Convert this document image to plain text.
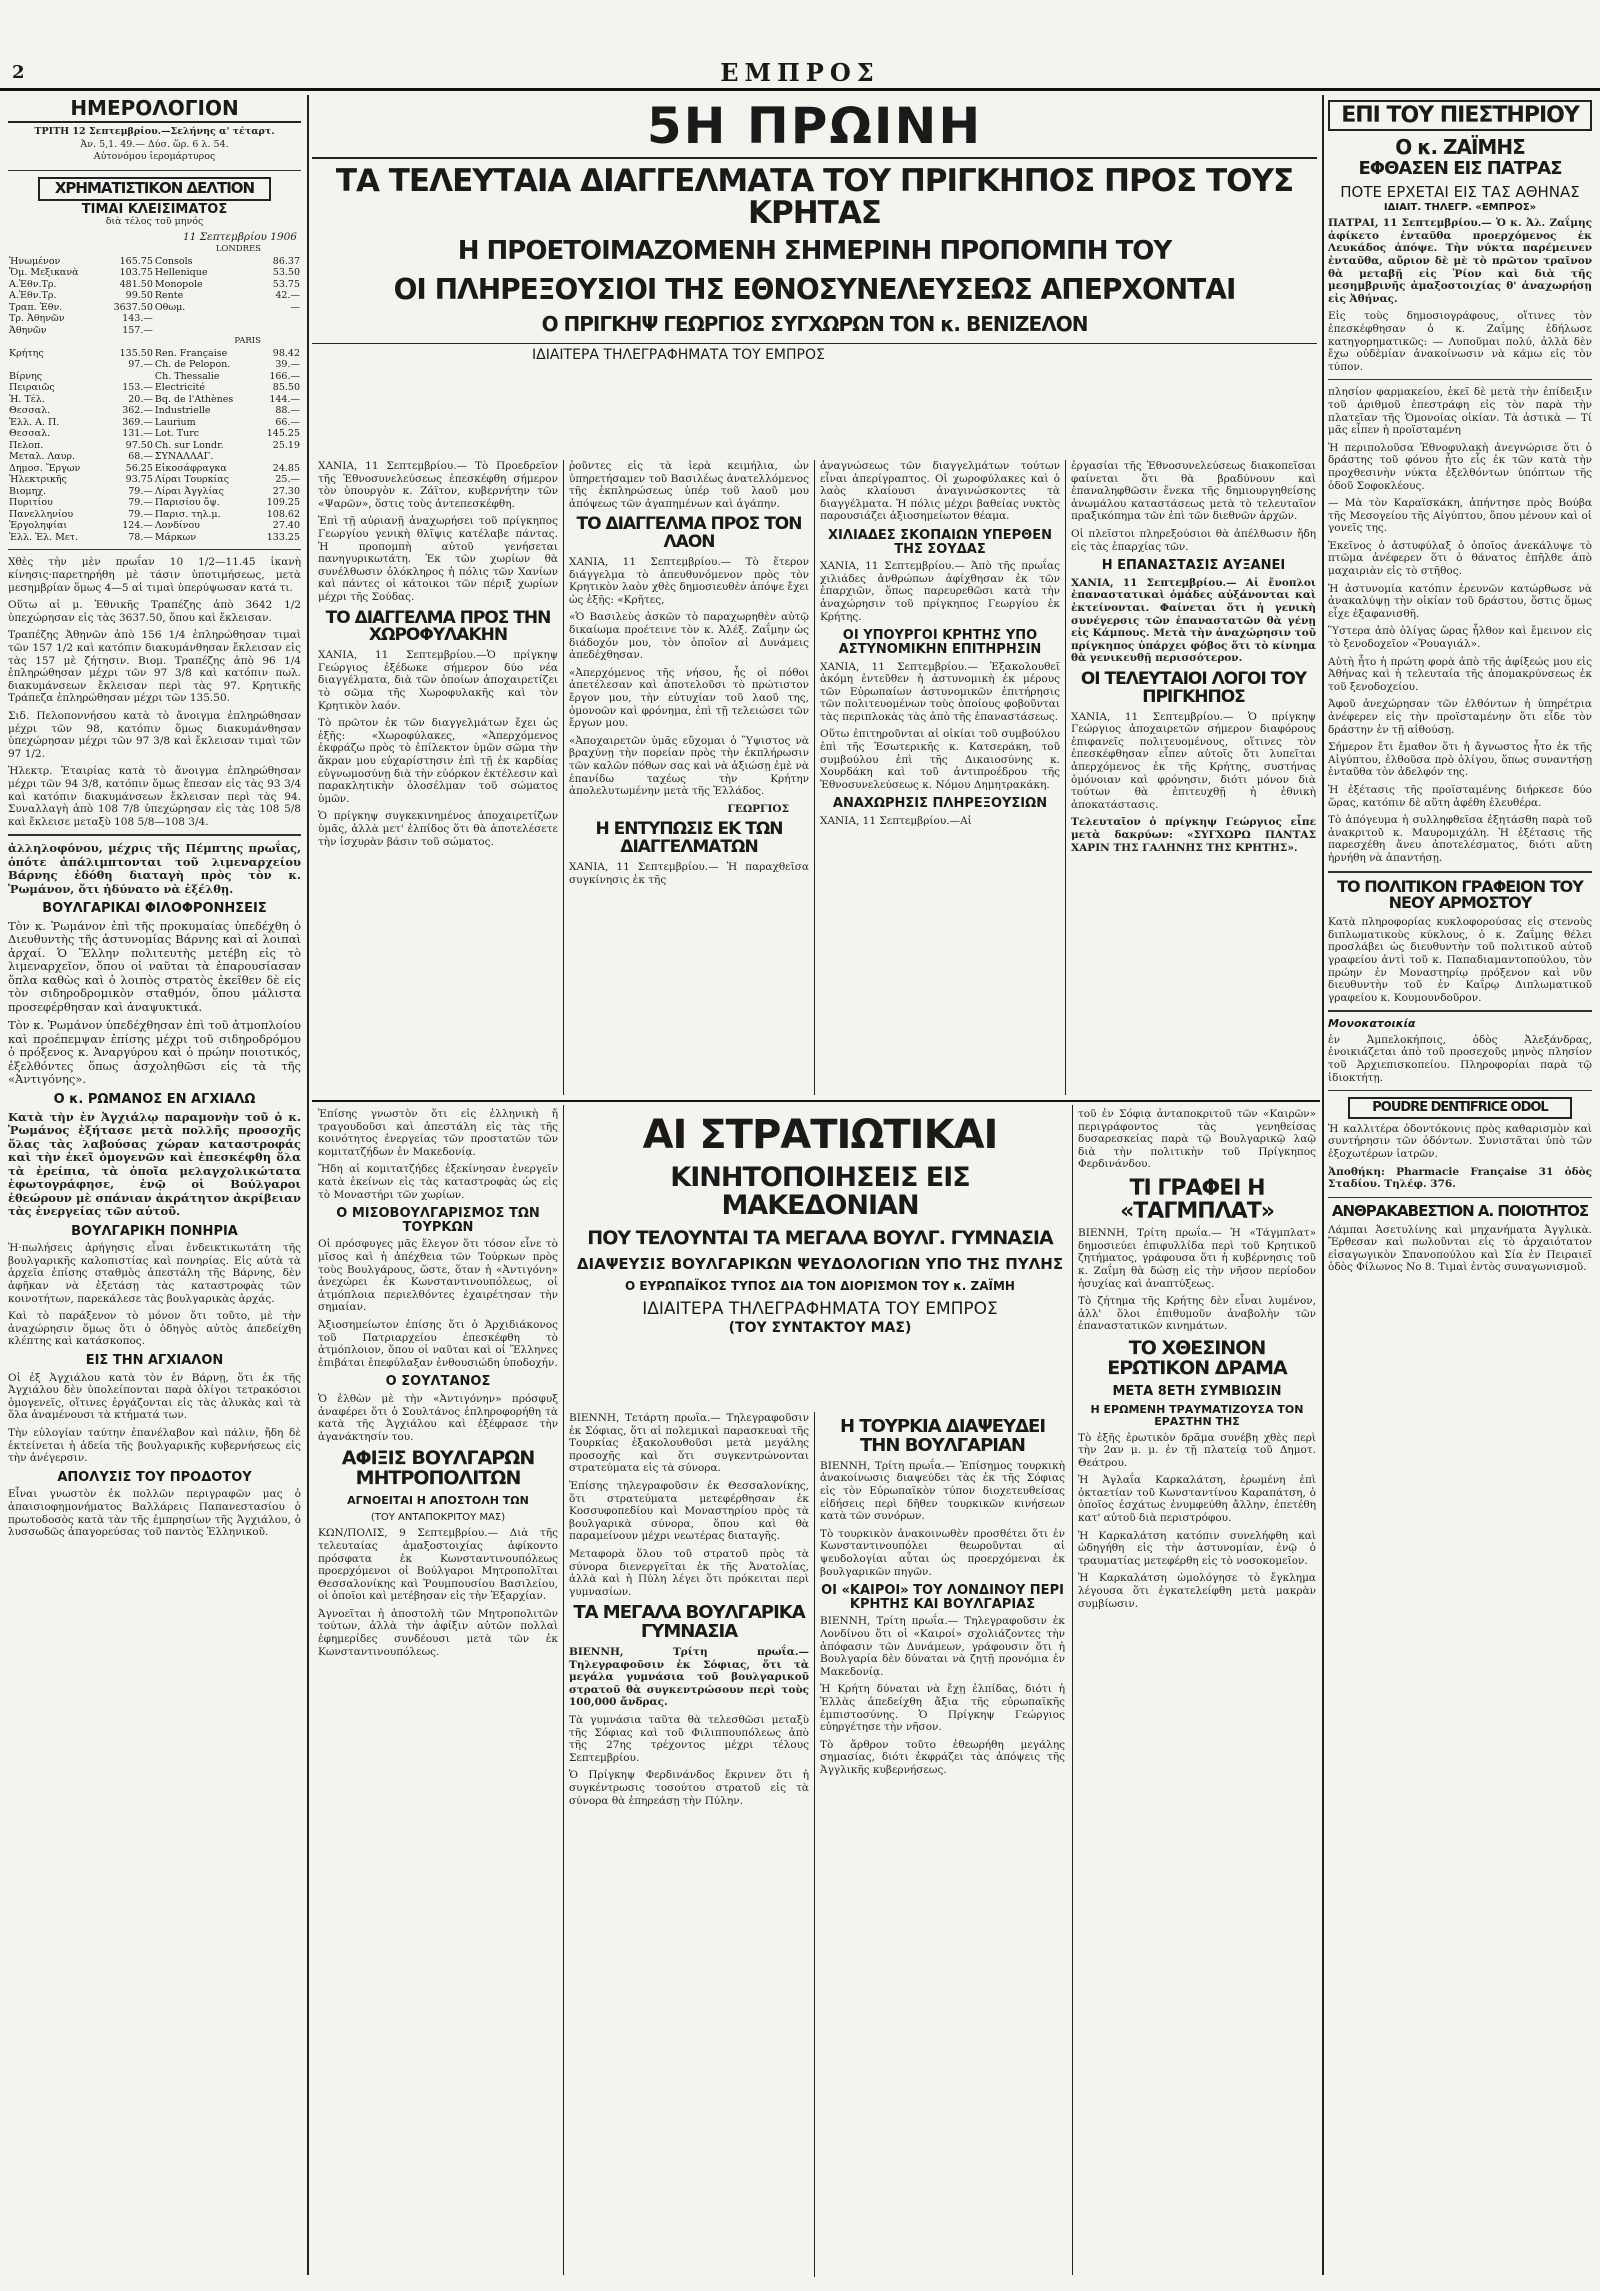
2	ΕΜΠΡΟΣ
ΗΜΕΡΟΛΟΓΙΟΝ

ΤΡΙΤΗ 12 Σεπτεμβρίου.—Σελήνης α' τέταρτ.

Ἀν. 5,1. 49.— Δύσ. ὥρ. 6 λ. 54.

Αὐτονόμου ἱερομάρτυρος

ΧΡΗΜΑΤΙΣΤΙΚΟΝ ΔΕΛΤΙΟΝ
ΤΙΜΑΙ ΚΛΕΙΣΙΜΑΤΟΣ
διὰ τέλος τοῦ μηνός
11 Σεπτεμβρίου 1906
LONDRES
Ἡνωμένον	165.75	Consols	86.37
Ὅμ. Μεξικανὰ	103.75	Hellenique	53.50
Α.Ἐθν.Τρ.	481.50	Monopole	53.75
Α.Ἐθν.Τρ.	99.50	Rente	42.—
Τραπ. Ἐθν.	3637.50	Οθωμ.	—
Τρ. Ἀθηνῶν	143.—		
Ἀθηνῶν	157.—		
PARIS			
Κρήτης	135.50	Ren. Française	98.42
	97.—	Ch. de Pelopon.	39.—
Βίρνης		Ch. Thessalie	166.—
Πειραιῶς	153.—	Electricité	85.50
Ἡ. Τέλ.	20.—	Bq. de l'Athènes	144.—
Θεσσαλ.	362.—	Industrielle	88.—
Ἑλλ. Α. Π.	369.—	Laurium	66.—
Θεσσαλ.	131.—	Lot. Turc	145.25
Πελοπ.	97.50	Ch. sur Londr.	25.19
Μεταλ. Λαυρ.	68.—	ΣΥΝΑΛΛΑΓ.	
Δημοσ. Ἔργων	56.25	Εἰκοσάφραγκα	24.85
Ἠλεκτρικῆς	93.75	Λίραι Τουρκίας	25.—
Βιομηχ.	79.—	Λίραι Ἀγγλίας	27.30
Πυριτίου	79.—	Παρισίου ὄψ.	109.25
Πανελληνίου	79.—	Παρισ. τηλ.μ.	108.62
Ἐργοληψίαι	124.—	Λονδίνου	27.40
Ἑλλ. Ἑλ. Μετ.	78.—	Μάρκων	133.25

Χθὲς τὴν μὲν πρωΐαν 10 1/2—11.45 ἱκανὴ κίνησις·παρετηρήθη μὲ τάσιν ὑποτιμήσεως, μετὰ μεσημβρίαν ὅμως 4—5 αἱ τιμαὶ ὑπερύψωσαν κατά τι.

Οὕτω αἱ μ. Ἐθνικῆς Τραπέζης ἀπὸ 3642 1/2 ὑπεχώρησαν εἰς τὰς 3637.50, ὅπου καὶ ἔκλεισαν.

Τραπέζης Ἀθηνῶν ἀπὸ 156 1/4 ἐπληρώθησαν τιμαὶ τῶν 157 1/2 καὶ κατόπιν διακυμάνθησαν ἔκλεισαν εἰς τὰς 157 μὲ ζήτησιν. Βιομ. Τραπέζης ἀπὸ 96 1/4 ἐπληρώθησαν μέχρι τῶν 97 3/8 καὶ κατόπιν πωλ. διακυμάνσεων ἔκλεισαν περὶ τὰς 97. Κρητικῆς Τράπεζα ἐπληρώθησαν μέχρι τῶν 135.50.

Σιδ. Πελοποννήσου κατὰ τὸ ἄνοιγμα ἐπληρώθησαν μέχρι τῶν 98, κατόπιν ὅμως διακυμάνθησαν ὑπεχώρησαν μέχρι τῶν 97 3/8 καὶ ἔκλεισαν τιμαὶ τῶν 97 1/2.

Ἠλεκτρ. Ἑταιρίας κατὰ τὸ ἄνοιγμα ἐπληρώθησαν μέχρι τῶν 94 3/8, κατόπιν ὅμως ἔπεσαν εἰς τὰς 93 3/4 καὶ κατόπιν διακυμάνσεων ἔκλεισαν περὶ τὰς 94. Συναλλαγὴ ἀπὸ 108 7/8 ὑπεχώρησαν εἰς τὰς 108 5/8 καὶ ἔκλεισε μεταξὺ 108 5/8—108 3/4.

ἀλληλοφόνου, μέχρις τῆς Πέμπτης πρωΐας, ὁπότε ἀπάλιμπτονται τοῦ λιμεναρχείου Βάρνης ἐδόθη διαταγὴ πρὸς τὸν κ. Ῥωμάνον, ὅτι ἠδύνατο νὰ ἐξέλθῃ.

ΒΟΥΛΓΑΡΙΚΑΙ ΦΙΛΟΦΡΟΝΗΣΕΙΣ

Τὸν κ. Ῥωμάνον ἐπὶ τῆς προκυμαίας ὑπεδέχθη ὁ Διευθυντὴς τῆς ἀστυνομίας Βάρνης καὶ αἱ λοιπαὶ ἀρχαί. Ὁ Ἕλλην πολιτευτὴς μετέβη εἰς τὸ λιμεναρχεῖον, ὅπου οἱ ναῦται τὰ ἐπαρουσίασαν ὅπλα καθὼς καὶ ὁ λοιπὸς στρατὸς ἐκεῖθεν δὲ εἰς τὸν σιδηροδρομικὸν σταθμόν, ὅπου μάλιστα προσεφέρθησαν καὶ ἀναψυκτικά.

Τὸν κ. Ῥωμάνον ὑπεδέχθησαν ἐπὶ τοῦ ἀτμοπλοίου καὶ προέπεμψαν ἐπίσης μέχρι τοῦ σιδηροδρόμου ὁ πρόξενος κ. Ἀναργύρου καὶ ὁ πρώην ποιοτικός, ἐξελθόντες ὅπως ἀσχοληθῶσι εἰς τὰ τῆς «Ἀντιγόνης».

Ο κ. ΡΩΜΑΝΟΣ ΕΝ ΑΓΧΙΑΛΩ

Κατὰ τὴν ἐν Ἀγχιάλῳ παραμονὴν τοῦ ὁ κ. Ῥωμάνος ἐξήτασε μετὰ πολλῆς προσοχῆς ὅλας τὰς λαβούσας χώραν καταστροφάς καὶ τὴν ἐκεῖ ὁμογενῶν καὶ ἐπεσκέφθη ὅλα τὰ ἐρείπια, τὰ ὁποῖα μελαγχολικώτατα ἐφωτογράφησε, ἐνῷ οἱ Βούλγαροι ἐθεώρουν μὲ σπάνιαν ἀκράτητον ἀκρίβειαν τὰς ἐνεργείας τῶν αὐτοῦ.

ΒΟΥΛΓΑΡΙΚΗ ΠΟΝΗΡΙΑ

Ἡ·πωλήσεις ἀρήγησις εἶναι ἐνδεικτικωτάτη τῆς βουλγαρικῆς καλοπιστίας καὶ πονηρίας. Εἰς αὐτὰ τὰ ἀρχεῖα ἐπίσης σταθμὸς ἀπεστάλη τῆς Βάρνης, δὲν ἀφῆκαν νὰ ἐξετάσῃ τὰς καταστροφὰς τῶν κοινοτήτων, παρεκάλεσε τὰς βουλγαρικὰς ἀρχάς.

Καὶ τὸ παράξενον τὸ μόνον ὅτι τοῦτο, μὲ τὴν ἀναχώρησιν ὅμως ὅτι ὁ ὁδηγὸς αὐτὸς ἀπεδείχθη κλέπτης καὶ κατάσκοπος.

ΕΙΣ ΤΗΝ ΑΓΧΙΑΛΟΝ

Οἱ ἐξ Ἀγχιάλου κατὰ τὸν ἐν Βάρνῃ, ὅτι ἐκ τῆς Ἀγχιάλου δὲν ὑπολείπονται παρὰ ὀλίγοι τετρακόσιοι ὁμογενεῖς, οἵτινες ἐργάζονται εἰς τὰς ἁλυκὰς καὶ τὰ ὅλα ἀναμένουσι τὰ κτήματά των.

Τὴν εὐλογίαν ταύτην ἐπανέλαβον καὶ πάλιν, ἤδη δὲ ἐκτείνεται ἡ ἀδεία τῆς βουλγαρικῆς κυβερνήσεως εἰς τὴν ἀνέγερσιν.

ΑΠΟΛΥΣΙΣ ΤΟΥ ΠΡΟΔΟΤΟΥ

Εἶναι γνωστὸν ἐκ πολλῶν περιγραφῶν μας ὁ ἀπαισιοφημονήματος Βαλλάρεις Παπανεστασίου ὁ πρωτοδοσὸς κατὰ τὰν τῆς ἐμπρησίων τῆς Ἀγχιάλου, ὁ λυσσωδῶς ἀπαγορεύσας τοῦ παντὸς Ἑλληνικοῦ.

5Η ΠΡΩΙΝΗ
ΤΑ ΤΕΛΕΥΤΑΙΑ ΔΙΑΓΓΕΛΜΑΤΑ ΤΟΥ ΠΡΙΓΚΗΠΟΣ ΠΡΟΣ ΤΟΥΣ ΚΡΗΤΑΣ
Η ΠΡΟΕΤΟΙΜΑΖΟΜΕΝΗ ΣΗΜΕΡΙΝΗ ΠΡΟΠΟΜΠΗ ΤΟΥ
ΟΙ ΠΛΗΡΕΞΟΥΣΙΟΙ ΤΗΣ ΕΘΝΟΣΥΝΕΛΕΥΣΕΩΣ ΑΠΕΡΧΟΝΤΑΙ
Ο ΠΡΙΓΚΗΨ ΓΕΩΡΓΙΟΣ ΣΥΓΧΩΡΩΝ ΤΟΝ κ. ΒΕΝΙΖΕΛΟΝ
ΙΔΙΑΙΤΕΡΑ ΤΗΛΕΓΡΑΦΗΜΑΤΑ ΤΟΥ ΕΜΠΡΟΣ

ΧΑΝΙΑ, 11 Σεπτεμβρίου.— Τὸ Προεδρεῖον τῆς Ἐθνοσυνελεύσεως ἐπεσκέφθη σήμερον τὸν ὑπουργὸν κ. Ζάϊτον, κυβερνήτην τῶν «Ψαρῶν», ὅστις τοὺς ἀντεπεσκέφθη.

Ἐπὶ τῇ αὐριανῇ ἀναχωρήσει τοῦ πρίγκηπος Γεωργίου γενικὴ θλῖψις κατέλαβε πάντας. Ἡ προπομπὴ αὐτοῦ γενήσεται πανηγυρικωτάτη. Ἐκ τῶν χωρίων θὰ συνέλθωσιν ὀλόκληρος ἡ πόλις τῶν Χανίων καὶ πάντες οἱ κάτοικοι τῶν πέριξ χωρίων μέχρι τῆς Σούδας.

ΤΟ ΔΙΑΓΓΕΛΜΑ ΠΡΟΣ ΤΗΝ ΧΩΡΟΦΥΛΑΚΗΝ

ΧΑΝΙΑ, 11 Σεπτεμβρίου.—Ὁ πρίγκηψ Γεώργιος ἐξέδωκε σήμερον δύο νέα διαγγέλματα, διὰ τῶν ὁποίων ἀποχαιρετίζει τὸ σῶμα τῆς Χωροφυλακῆς καὶ τὸν Κρητικὸν λαόν.

Τὸ πρῶτον ἐκ τῶν διαγγελμάτων ἔχει ὡς ἑξῆς: «Χωροφύλακες, «Ἀπερχόμενος ἐκφράζω πρὸς τὸ ἐπίλεκτον ὑμῶν σῶμα τὴν ἄκραν μου εὐχαρίστησιν ἐπὶ τῇ ἐκ καρδίας εὐγνωμοσύνῃ διὰ τὴν εὐόρκον ἐκτέλεσιν καὶ παρακλητικὴν ὁλοσέλμαν τοῦ σώματος ὑμῶν.

Ὁ πρίγκηψ συγκεκινημένος ἀποχαιρετίζων ὑμᾶς, ἀλλὰ μετ' ἐλπίδος ὅτι θὰ ἀποτελέσετε τὴν ἰσχυρὰν βάσιν τοῦ σώματος.

ῥοῦντες εἰς τὰ ἱερὰ κειμήλια, ὧν ὑπηρετήσαμεν τοῦ Βασιλέως ἀνατελλόμενος τῆς ἐκπληρώσεως ὑπέρ τοῦ λαοῦ μου ἀπόψεως τῶν ἀγαπημένων καὶ ἀγάπην.

ΤΟ ΔΙΑΓΓΕΛΜΑ ΠΡΟΣ ΤΟΝ ΛΑΟΝ

ΧΑΝΙΑ, 11 Σεπτεμβρίου.— Τὸ ἕτερον διάγγελμα τὸ ἀπευθυνόμενον πρὸς τὸν Κρητικὸν λαὸν χθὲς δημοσιευθὲν ἀπόψε ἔχει ὡς ἑξῆς: «Κρῆτες,

«Ὁ Βασιλεὺς ἀσκῶν τὸ παραχωρηθὲν αὐτῷ δικαίωμα προέτεινε τὸν κ. Ἀλέξ. Ζαΐμην ὡς διάδοχόν μου, τὸν ὁποῖον αἱ Δυνάμεις ἀπεδέχθησαν.

«Ἀπερχόμενος τῆς νήσου, ἧς οἱ πόθοι ἀπετέλεσαν καὶ ἀποτελοῦσι τὸ πρώτιστον ἔργον μου, τὴν εὐτυχίαν τοῦ λαοῦ της, ὁμονοῶν καὶ φρόνημα, ἐπὶ τῇ τελειώσει τῶν ἔργων μου.

«Ἀποχαιρετῶν ὑμᾶς εὔχομαι ὁ Ὕψιστος νὰ βραχύνῃ τὴν πορείαν πρὸς τὴν ἐκπλήρωσιν τῶν καλῶν πόθων σας καὶ νὰ ἀξιώσῃ ἐμὲ νὰ ἐπανίδω ταχέως τὴν Κρήτην ἀπολελυτωμένην μετὰ τῆς Ἑλλάδος.

ΓΕΩΡΓΙΟΣ
Η ΕΝΤΥΠΩΣΙΣ ΕΚ ΤΩΝ ΔΙΑΓΓΕΛΜΑΤΩΝ

ΧΑΝΙΑ, 11 Σεπτεμβρίου.— Ἡ παραχθεῖσα συγκίνησις ἐκ τῆς

ἀναγνώσεως τῶν διαγγελμάτων τούτων εἶναι ἀπερίγραπτος. Οἱ χωροφύλακες καὶ ὁ λαὸς κλαίουσι ἀναγινώσκοντες τὰ διαγγέλματα. Ἡ πόλις μέχρι βαθείας νυκτὸς παρουσιάζει ἀξιοσημείωτον θέαμα.

ΧΙΛΙΑΔΕΣ ΣΚΟΠΑΙΩΝ ΥΠΕΡΘΕΝ ΤΗΣ ΣΟΥΔΑΣ

ΧΑΝΙΑ, 11 Σεπτεμβρίου.— Ἀπὸ τῆς πρωΐας χιλιάδες ἀνθρώπων ἀφίχθησαν ἐκ τῶν ἐπαρχιῶν, ὅπως παρευρεθῶσι κατὰ τὴν ἀναχώρησιν τοῦ πρίγκηπος Γεωργίου ἐκ Κρήτης.

ΟΙ ΥΠΟΥΡΓΟΙ ΚΡΗΤΗΣ ΥΠΟ ΑΣΤΥΝΟΜΙΚΗΝ ΕΠΙΤΗΡΗΣΙΝ

ΧΑΝΙΑ, 11 Σεπτεμβρίου.— Ἐξακολουθεῖ ἀκόμη ἐντεῦθεν ἡ ἀστυνομικὴ ἐκ μέρους τῶν Εὐρωπαίων ἀστυνομικῶν ἐπιτήρησις τῶν πολιτευομένων τοὺς ὁποίους φοβοῦνται τὰς περιπλοκὰς τὰς ἀπὸ τῆς ἐπαναστάσεως.

Οὕτω ἐπιτηροῦνται αἱ οἰκίαι τοῦ συμβούλου ἐπὶ τῆς Ἐσωτερικῆς κ. Κατσεράκη, τοῦ συμβούλου ἐπὶ τῆς Δικαιοσύνης κ. Χουρδάκη καὶ τοῦ ἀντιπροέδρου τῆς Ἐθνοσυνελεύσεως κ. Νόμου Δημητρακάκη.

ΑΝΑΧΩΡΗΣΙΣ ΠΛΗΡΕΞΟΥΣΙΩΝ

ΧΑΝΙΑ, 11 Σεπτεμβρίου.—Αἱ

ἐργασίαι τῆς Ἐθνοσυνελεύσεως διακοπεῖσαι φαίνεται ὅτι θὰ βραδύνουν καὶ ἐπαναληφθῶσιν ἕνεκα τῆς δημιουργηθείσης ἀνωμάλου καταστάσεως μετὰ τὸ τελευταῖον πραξικόπημα τῶν ἐπὶ τῶν διεθνῶν ἀρχῶν.

Οἱ πλεῖστοι πληρεξούσιοι θὰ ἀπέλθωσιν ἤδη εἰς τὰς ἐπαρχίας τῶν.

Η ΕΠΑΝΑΣΤΑΣΙΣ ΑΥΞΑΝΕΙ

ΧΑΝΙΑ, 11 Σεπτεμβρίου.— Αἱ ἔνοπλοι ἐπαναστατικαὶ ὁμάδες αὐξάνονται καὶ ἐκτείνονται. Φαίνεται ὅτι ἡ γενικὴ συνέγερσις τῶν ἐπαναστατῶν θὰ γένῃ εἰς Κάμπους. Μετὰ τὴν ἀναχώρησιν τοῦ πρίγκηπος ὑπάρχει φόβος ὅτι τὸ κίνημα θὰ γενικευθῇ περισσότερον.

ΟΙ ΤΕΛΕΥΤΑΙΟΙ ΛΟΓΟΙ ΤΟΥ ΠΡΙΓΚΗΠΟΣ

ΧΑΝΙΑ, 11 Σεπτεμβρίου.— Ὁ πρίγκηψ Γεώργιος ἀποχαιρετῶν σήμερον διαφόρους ἐπιφανεῖς πολιτευομένους, οἵτινες τὸν ἐπεσκέφθησαν εἶπεν αὐτοῖς ὅτι λυπεῖται ἀπερχόμενος ἐκ τῆς Κρήτης, συστήνας ὁμόνοιαν καὶ φρόνησιν, διότι μόνον διὰ τούτων θὰ ἐπιτευχθῇ ἡ ἐθνικὴ ἀποκατάστασις.

Τελευταῖον ὁ πρίγκηψ Γεώργιος εἶπε μετὰ δακρύων: «ΣΥΓΧΩΡΩ ΠΑΝΤΑΣ ΧΑΡΙΝ ΤΗΣ ΓΑΛΗΝΗΣ ΤΗΣ ΚΡΗΤΗΣ».

Ἐπίσης γνωστὸν ὅτι εἰς ἑλληνικὴ ἤ τραγουδοῦσι καὶ ἀπεστάλη εἰς τὰς τῆς κοινότητος ἐνεργείας τῶν προστατῶν τῶν κομιτατζήδων ἐν Μακεδονίᾳ.

Ἤδη αἱ κομιτατζήδες ἐξεκίνησαν ἐνεργεῖν κατὰ ἐκείνων εἰς τὰς καταστροφὰς ὡς εἰς τὸ Μοναστήρι τῶν χωρίων.

Ο ΜΙΣΟΒΟΥΛΓΑΡΙΣΜΟΣ ΤΩΝ ΤΟΥΡΚΩΝ

Οἱ πρόσφυγες μᾶς ἔλεγον ὅτι τόσον εἶνε τὸ μῖσος καὶ ἡ ἀπέχθεια τῶν Τούρκων πρὸς τοὺς Βουλγάρους, ὥστε, ὅταν ἡ «Ἀντιγόνη» ἀνεχώρει ἐκ Κωνσταντινουπόλεως, οἱ ἀτμόπλοια περιελθόντες ἐχαιρέτησαν τὴν σημαίαν.

Ἀξιοσημείωτον ἐπίσης ὅτι ὁ Ἀρχιδιάκονος τοῦ Πατριαρχείου ἐπεσκέφθη τὸ ἀτμόπλοιον, ὅπου οἱ ναῦται καὶ οἱ Ἕλληνες ἐπιβάται ἐπεφύλαξαν ἐνθουσιώδη ὑποδοχήν.

Ο ΣΟΥΛΤΑΝΟΣ

Ὁ ἐλθὼν μὲ τὴν «Ἀντιγόνην» πρόσφυξ ἀναφέρει ὅτι ὁ Σουλτάνος ἐπληροφορήθη τὰ κατὰ τῆς Ἀγχιάλου καὶ ἐξέφρασε τὴν ἀγανάκτησίν του.

ΑΦΙΞΙΣ ΒΟΥΛΓΑΡΩΝ ΜΗΤΡΟΠΟΛΙΤΩΝ
ΑΓΝΟΕΙΤΑΙ Η ΑΠΟΣΤΟΛΗ ΤΩΝ
(ΤΟΥ ΑΝΤΑΠΟΚΡΙΤΟΥ ΜΑΣ)

ΚΩΝ/ΠΟΛΙΣ, 9 Σεπτεμβρίου.— Διὰ τῆς τελευταίας ἀμαξοστοιχίας ἀφίκοντο πρόσφατα ἐκ Κωνσταντινουπόλεως προερχόμενοι οἱ Βούλγαροι Μητροπολῖται Θεσσαλονίκης καὶ Ῥουμπουσίου Βασιλείου, οἱ ὁποῖοι καὶ μετέβησαν εἰς τὴν Ἐξαρχίαν.

Ἀγνοεῖται ἡ ἀποστολὴ τῶν Μητροπολιτῶν τούτων, ἀλλὰ τὴν ἀφίξιν αὐτῶν πολλαὶ ἐφημερίδες συνδέουσι μετὰ τῶν ἐκ Κωνσταντινουπόλεως.

ΑΙ ΣΤΡΑΤΙΩΤΙΚΑΙ
ΚΙΝΗΤΟΠΟΙΗΣΕΙΣ ΕΙΣ ΜΑΚΕΔΟΝΙΑΝ
ΠΟΥ ΤΕΛΟΥΝΤΑΙ ΤΑ ΜΕΓΑΛΑ ΒΟΥΛΓ. ΓΥΜΝΑΣΙΑ
ΔΙΑΨΕΥΣΙΣ ΒΟΥΛΓΑΡΙΚΩΝ ΨΕΥΔΟΛΟΓΙΩΝ ΥΠΟ ΤΗΣ ΠΥΛΗΣ
Ο ΕΥΡΩΠΑΪΚΟΣ ΤΥΠΟΣ ΔΙΑ ΤΟΝ ΔΙΟΡΙΣΜΟΝ ΤΟΥ κ. ΖΑΪΜΗ
ΙΔΙΑΙΤΕΡΑ ΤΗΛΕΓΡΑΦΗΜΑΤΑ ΤΟΥ ΕΜΠΡΟΣ
(ΤΟΥ ΣΥΝΤΑΚΤΟΥ ΜΑΣ)

ΒΙΕΝΝΗ, Τετάρτη πρωΐα.— Τηλεγραφοῦσιν ἐκ Σόφιας, ὅτι αἱ πολεμικαὶ παρασκευαὶ τῆς Τουρκίας ἐξακολουθοῦσι μετὰ μεγάλης προσοχῆς καὶ ὅτι συγκεντρώνονται στρατεύματα εἰς τὰ σύνορα.

Ἐπίσης τηλεγραφοῦσιν ἐκ Θεσσαλονίκης, ὅτι στρατεύματα μετεφέρθησαν ἐκ Κοσσυφοπεδίου καὶ Μοναστηρίου πρὸς τὰ βουλγαρικὰ σύνορα, ὅπου καὶ θὰ παραμείνουν μέχρι νεωτέρας διαταγῆς.

Μεταφορὰ ὅλου τοῦ στρατοῦ πρὸς τὰ σύνορα διενεργεῖται ἐκ τῆς Ἀνατολίας, ἀλλὰ καὶ ἡ Πύλη λέγει ὅτι πρόκειται περὶ γυμνασίων.

ΤΑ ΜΕΓΑΛΑ ΒΟΥΛΓΑΡΙΚΑ ΓΥΜΝΑΣΙΑ

ΒΙΕΝΝΗ, Τρίτη πρωΐα.— Τηλεγραφοῦσιν ἐκ Σόφιας, ὅτι τὰ μεγάλα γυμνάσια τοῦ βουλγαρικοῦ στρατοῦ θὰ συγκεντρώσουν περὶ τοὺς 100,000 ἄνδρας.

Τὰ γυμνάσια ταῦτα θὰ τελεσθῶσι μεταξὺ τῆς Σόφιας καὶ τοῦ Φιλιππουπόλεως ἀπὸ τῆς 27ης τρέχοντος μέχρι τέλους Σεπτεμβρίου.

Ὁ Πρίγκηψ Φερδινάνδος ἔκρινεν ὅτι ἡ συγκέντρωσις τοσούτου στρατοῦ εἰς τὰ σύνορα θὰ ἐπηρεάσῃ τὴν Πύλην.

Η ΤΟΥΡΚΙΑ ΔΙΑΨΕΥΔΕΙ ΤΗΝ ΒΟΥΛΓΑΡΙΑΝ

ΒΙΕΝΝΗ, Τρίτη πρωΐα.— Ἐπίσημος τουρκικὴ ἀνακοίνωσις διαψεύδει τὰς ἐκ τῆς Σόφιας εἰς τὸν Εὐρωπαϊκὸν τύπον διοχετευθείσας εἰδήσεις περὶ δῆθεν τουρκικῶν κινήσεων κατὰ τῶν συνόρων.

Τὸ τουρκικὸν ἀνακοινωθὲν προσθέτει ὅτι ἐν Κωνσταντινουπόλει θεωροῦνται αἱ ψευδολογίαι αὗται ὡς προερχόμεναι ἐκ βουλγαρικῶν πηγῶν.

ΟΙ «ΚΑΙΡΟΙ» ΤΟΥ ΛΟΝΔΙΝΟΥ ΠΕΡΙ ΚΡΗΤΗΣ ΚΑΙ ΒΟΥΛΓΑΡΙΑΣ

ΒΙΕΝΝΗ, Τρίτη πρωΐα.— Τηλεγραφοῦσιν ἐκ Λονδίνου ὅτι οἱ «Καιροί» σχολιάζοντες τὴν ἀπόφασιν τῶν Δυνάμεων, γράφουσιν ὅτι ἡ Βουλγαρία δὲν δύναται νὰ ζητῇ προνόμια ἐν Μακεδονίᾳ.

Ἡ Κρήτη δύναται νὰ ἔχῃ ἐλπίδας, διότι ἡ Ἑλλὰς ἀπεδείχθη ἄξια τῆς εὐρωπαϊκῆς ἐμπιστοσύνης. Ὁ Πρίγκηψ Γεώργιος εὐηργέτησε τὴν νῆσον.

Τὸ ἄρθρον τοῦτο ἐθεωρήθη μεγάλης σημασίας, διότι ἐκφράζει τὰς ἀπόψεις τῆς Ἀγγλικῆς κυβερνήσεως.

τοῦ ἐν Σόφιᾳ ἀνταποκριτοῦ τῶν «Καιρῶν» περιγράφοντος τὰς γενηθείσας δυσαρεσκείας παρὰ τῷ Βουλγαρικῷ λαῷ διὰ τὴν πολιτικὴν τοῦ Πρίγκηπος Φερδινάνδου.

ΤΙ ΓΡΑΦΕΙ Η «ΤΑΓΜΠΛΑΤ»

ΒΙΕΝΝΗ, Τρίτη πρωΐα.— Ἡ «Τάγμπλατ» δημοσιεύει ἐπιφυλλίδα περὶ τοῦ Κρητικοῦ ζητήματος, γράφουσα ὅτι ἡ κυβέρνησις τοῦ κ. Ζαΐμη θὰ δώσῃ εἰς τὴν νῆσον περίοδον ἡσυχίας καὶ ἀναπτύξεως.

Τὸ ζήτημα τῆς Κρήτης δὲν εἶναι λυμένον, ἀλλ' ὅλοι ἐπιθυμοῦν ἀναβολὴν τῶν ἐπαναστατικῶν κινημάτων.

ΤΟ ΧΘΕΣΙΝΟΝ ΕΡΩΤΙΚΟΝ ΔΡΑΜΑ
ΜΕΤΑ 8ΕΤΗ ΣΥΜΒΙΩΣΙΝ
Η ΕΡΩΜΕΝΗ ΤΡΑΥΜΑΤΙΖΟΥΣΑ ΤΟΝ ΕΡΑΣΤΗΝ ΤΗΣ

Τὸ ἐξῆς ἐρωτικὸν δρᾶμα συνέβη χθὲς περὶ τὴν 2αν μ. μ. ἐν τῇ πλατείᾳ τοῦ Δημοτ. Θεάτρου.

Ἡ Ἀγλαΐα Καρκαλάτση, ἐρωμένη ἐπὶ ὀκταετίαν τοῦ Κωνσταντίνου Καραπάτση, ὁ ὁποῖος ἐσχάτως ἐνυμφεύθη ἄλλην, ἐπετέθη κατ' αὐτοῦ διὰ περιστρόφου.

Ἡ Καρκαλάτση κατόπιν συνελήφθη καὶ ὡδηγήθη εἰς τὴν ἀστυνομίαν, ἐνῷ ὁ τραυματίας μετεφέρθη εἰς τὸ νοσοκομεῖον.

Ἡ Καρκαλάτση ὡμολόγησε τὸ ἔγκλημα λέγουσα ὅτι ἐγκατελείφθη μετὰ μακρὰν συμβίωσιν.

ΕΠΙ ΤΟΥ ΠΙΕΣΤΗΡΙΟΥ
Ο κ. ΖΑΪΜΗΣ
ΕΦΘΑΣΕΝ ΕΙΣ ΠΑΤΡΑΣ
ΠΟΤΕ ΕΡΧΕΤΑΙ ΕΙΣ ΤΑΣ ΑΘΗΝΑΣ
ΙΔΙΑΙΤ. ΤΗΛΕΓΡ. «ΕΜΠΡΟΣ»

ΠΑΤΡΑΙ, 11 Σεπτεμβρίου.— Ὁ κ. Ἀλ. Ζαΐμης ἀφίκετο ἐνταῦθα προερχόμενος ἐκ Λευκάδος ἀπόψε. Τὴν νύκτα παρέμεινεν ἐνταῦθα, αὔριον δὲ μὲ τὸ πρῶτον τραῖνον θὰ μεταβῇ εἰς Ῥίον καὶ διὰ τῆς μεσημβρινῆς ἀμαξοστοιχίας θ' ἀναχωρήσῃ εἰς Ἀθήνας.

Εἰς τοὺς δημοσιογράφους, οἵτινες τὸν ἐπεσκέφθησαν ὁ κ. Ζαΐμης ἐδήλωσε κατηγορηματικῶς: — Λυποῦμαι πολύ, ἀλλὰ δὲν ἔχω οὐδὲμίαν ἀνακοίνωσιν νὰ κάμω εἰς τὸν τύπον.

πλησίον φαρμακείου, ἐκεῖ δὲ μετὰ τὴν ἐπίδειξιν τοῦ ἀριθμοῦ ἐπεστράφη εἰς τὸν παρὰ τὴν πλατεῖαν τῆς Ὁμονοίας οἰκίαν. Τὰ ἀστικὰ — Τί μᾶς εἶπεν ἡ προϊσταμένη

Ἡ περιπολοῦσα Ἐθνοφυλακὴ ἀνεγνώρισε ὅτι ὁ δράστης τοῦ φόνου ἦτο εἷς ἐκ τῶν κατὰ τὴν προχθεσινὴν νύκτα ἐξελθόντων ὑπόπτων τῆς ὁδοῦ Σοφοκλέους.

— Μὰ τὸν Καραϊσκάκη, ἀπήντησε πρὸς Βούβα τῆς Μεσογείου τῆς Αἰγύπτου, ὅπου μένουν καὶ οἱ γονεῖς της.

Ἐκεῖνος ὁ ἀστυφύλαξ ὁ ὁποῖος ἀνεκάλυψε τὸ πτῶμα ἀνέφερεν ὅτι ὁ θάνατος ἐπῆλθε ἀπὸ μαχαιριὰν εἰς τὸ στῆθος.

Ἡ ἀστυνομία κατόπιν ἐρευνῶν κατώρθωσε νὰ ἀνακαλύψῃ τὴν οἰκίαν τοῦ δράστου, ὅστις ὅμως εἶχε ἐξαφανισθῆ.

Ὕστερα ἀπὸ ὀλίγας ὥρας ἦλθον καὶ ἔμεινον εἰς τὸ ξενοδοχεῖον «Ῥουαγιάλ».

Αὐτὴ ἦτο ἡ πρώτη φορὰ ἀπὸ τῆς ἀφίξεώς μου εἰς Ἀθήνας καὶ ἡ τελευταία τῆς ἀπομακρύνσεως ἐκ τοῦ ξενοδοχείου.

Ἀφοῦ ἀνεχώρησαν τῶν ἐλθόντων ἡ ὑπηρέτρια ἀνέφερεν εἰς τὴν προϊσταμένην ὅτι εἶδε τὸν δράστην ἐν τῇ αἰθούσῃ.

Σήμερον ἔτι ἔμαθον ὅτι ἡ ἄγνωστος ἦτο ἐκ τῆς Αἰγύπτου, ἐλθοῦσα πρὸ ὀλίγου, ὅπως συναντήσῃ ἐνταῦθα τὸν ἀδελφόν της.

Ἡ ἐξέτασις τῆς προϊσταμένης διήρκεσε δύο ὥρας, κατόπιν δὲ αὕτη ἀφέθη ἐλευθέρα.

Τὸ ἀπόγευμα ἡ συλληφθεῖσα ἐξητάσθη παρὰ τοῦ ἀνακριτοῦ κ. Μαυρομιχάλη. Ἡ ἐξέτασις τῆς παρεσχέθη ἄνευ ἀποτελέσματος, διότι αὕτη ἠρνήθη νὰ ἀπαντήσῃ.

ΤΟ ΠΟΛΙΤΙΚΟΝ ΓΡΑΦΕΙΟΝ ΤΟΥ ΝΕΟΥ ΑΡΜΟΣΤΟΥ

Κατὰ πληροφορίας κυκλοφορούσας εἰς στενοὺς διπλωματικοὺς κύκλους, ὁ κ. Ζαΐμης θέλει προσλάβει ὡς διευθυντὴν τοῦ πολιτικοῦ αὐτοῦ γραφείου ἀντὶ τοῦ κ. Παπαδιαμαντοπούλου, τὸν πρώην ἐν Μοναστηρίῳ πρόξενον καὶ νῦν διευθυντὴν τοῦ ἐν Καΐρῳ Διπλωματικοῦ γραφείου κ. Κουμουνδοῦρον.

Μονοκατοικία

ἐν Ἀμπελοκήποις, ὁδὸς Ἀλεξάνδρας, ἐνοικιάζεται ἀπὸ τοῦ προσεχοῦς μηνὸς πλησίον τοῦ Ἀρχιεπισκοπείου. Πληροφορίαι παρὰ τῷ ἰδιοκτήτῃ.

POUDRE DENTIFRICE ODOL

Ἡ καλλιτέρα ὀδοντόκονις πρὸς καθαρισμὸν καὶ συντήρησιν τῶν ὀδόντων. Συνιστᾶται ὑπὸ τῶν ἐξοχωτέρων ἰατρῶν.

Ἀποθήκη: Pharmacie Française 31 ὁδὸς Σταδίου. Τηλέφ. 376.

ΑΝΘΡΑΚΑΒΕΣΤΙΟΝ Α. ΠΟΙΟΤΗΤΟΣ

Λάμπαι Ἀσετυλίνης καὶ μηχανήματα Ἀγγλικὰ. Ἔρθεσαν καὶ πωλοῦνται εἰς τὸ ἀρχαιότατον εἰσαγωγικὸν Σπανοπούλου καὶ Σία ἐν Πειραιεῖ ὁδὸς Φίλωνος Νο 8. Τιμαὶ ἐντὸς συναγωνισμοῦ.
